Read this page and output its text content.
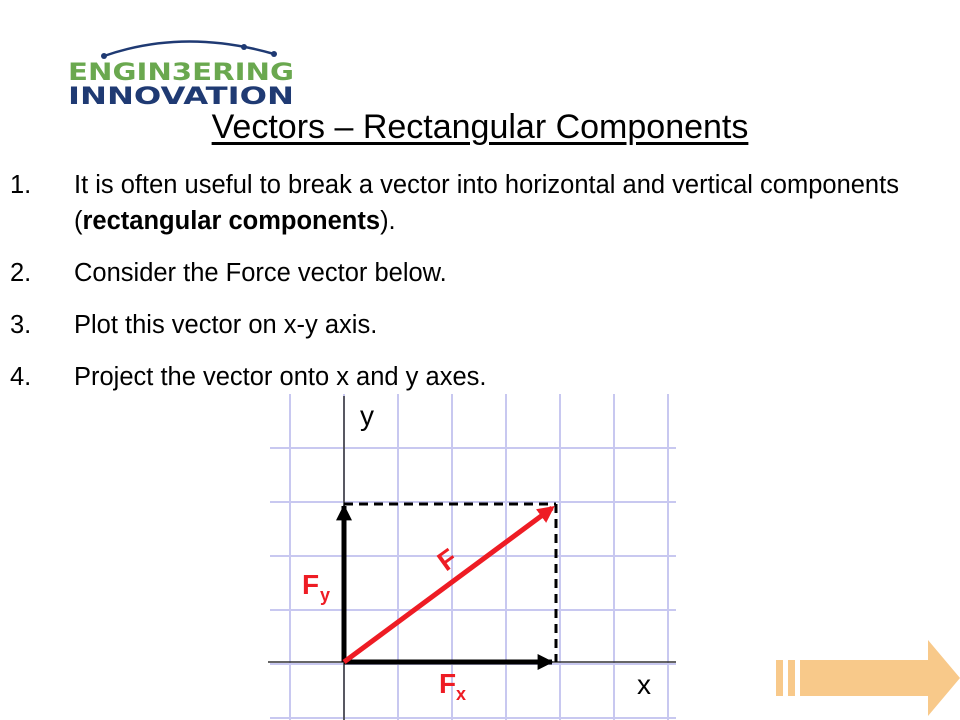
ENGIN3ERING
INNOVATION
Vectors – Rectangular Components
1. It is often useful to break a vector into horizontal and vertical components (rectangular components).
2. Consider the Force vector below.
3. Plot this vector on x-y axis.
4. Project the vector onto x and y axes.
y
x
F
F y
F x
